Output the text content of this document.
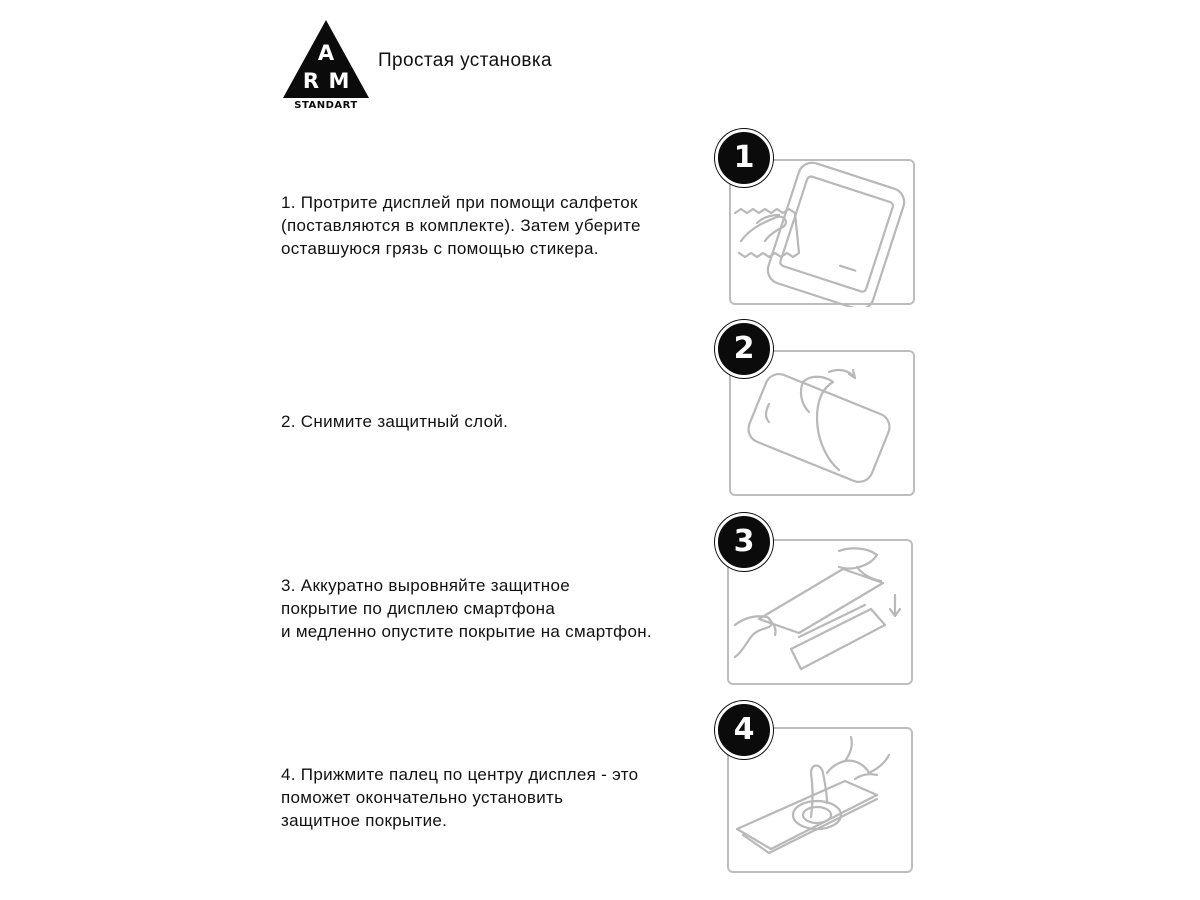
A
R M
STANDART
Простая установка
1. Протрите дисплей при помощи салфеток
(поставляются в комплекте). Затем уберите
оставшуюся грязь с помощью стикера.
1
2. Снимите защитный слой.
2
3. Аккуратно выровняйте защитное
покрытие по дисплею смартфона
и медленно опустите покрытие на смартфон.
3
4. Прижмите палец по центру дисплея - это
поможет окончательно установить
защитное покрытие.
4
